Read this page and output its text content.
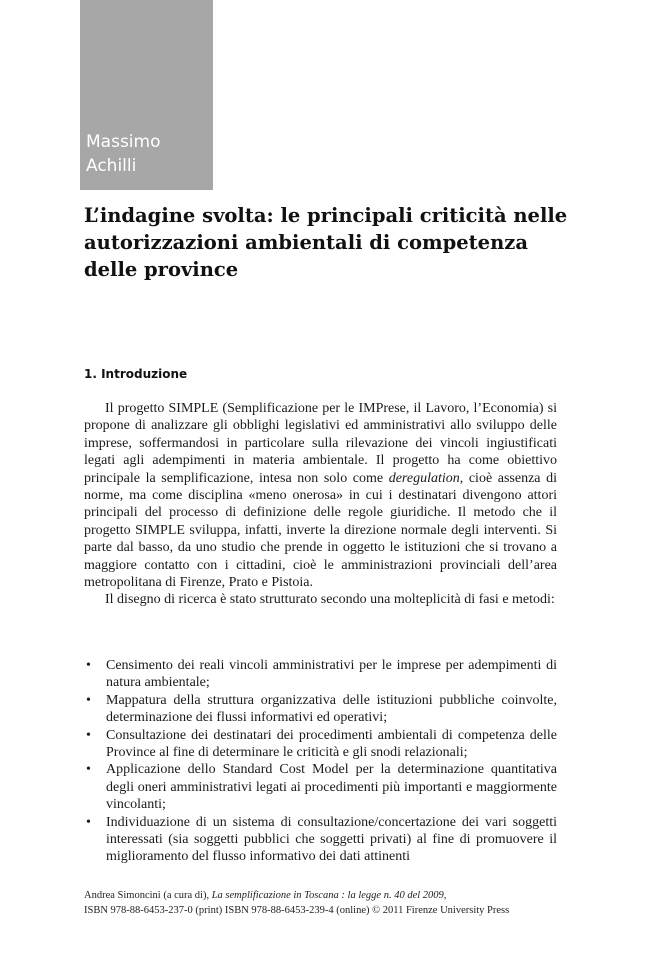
Massimo
Achilli
L’indagine svolta: le principali criticità nelle autorizzazioni ambientali di competenza delle province
1. Introduzione

Il progetto SIMPLE (Semplificazione per le IMPrese, il Lavoro, l’Economia) si propone di analizzare gli obblighi legislativi ed amministrativi allo sviluppo delle imprese, soffermandosi in particolare sulla rilevazione dei vincoli ingiustificati legati agli adempimenti in materia ambientale. Il progetto ha come obiettivo principale la semplificazione, intesa non solo come deregulation, cioè assenza di norme, ma come disciplina «meno onerosa» in cui i destinatari divengono attori principali del processo di definizione delle regole giuridiche. Il metodo che il progetto SIMPLE sviluppa, infatti, inverte la direzione normale degli interventi. Si parte dal basso, da uno studio che prende in oggetto le istituzioni che si trovano a maggiore contatto con i cittadini, cioè le amministrazioni provinciali dell’area metropolitana di Firenze, Prato e Pistoia.

Il disegno di ricerca è stato strutturato secondo una molteplicità di fasi e metodi:

• Censimento dei reali vincoli amministrativi per le imprese per adempimenti di natura ambientale;
• Mappatura della struttura organizzativa delle istituzioni pubbliche coinvolte, determinazione dei flussi informativi ed operativi;
• Consultazione dei destinatari dei procedimenti ambientali di competenza delle Province al fine di determinare le criticità e gli snodi relazionali;
• Applicazione dello Standard Cost Model per la determinazione quantitativa degli oneri amministrativi legati ai procedimenti più importanti e maggiormente vincolanti;
• Individuazione di un sistema di consultazione/concertazione dei vari soggetti interessati (sia soggetti pubblici che soggetti privati) al fine di promuovere il miglioramento del flusso informativo dei dati attinenti
Andrea Simoncini (a cura di), La semplificazione in Toscana : la legge n. 40 del 2009,
ISBN 978-88-6453-237-0 (print) ISBN 978-88-6453-239-4 (online) © 2011 Firenze University Press
